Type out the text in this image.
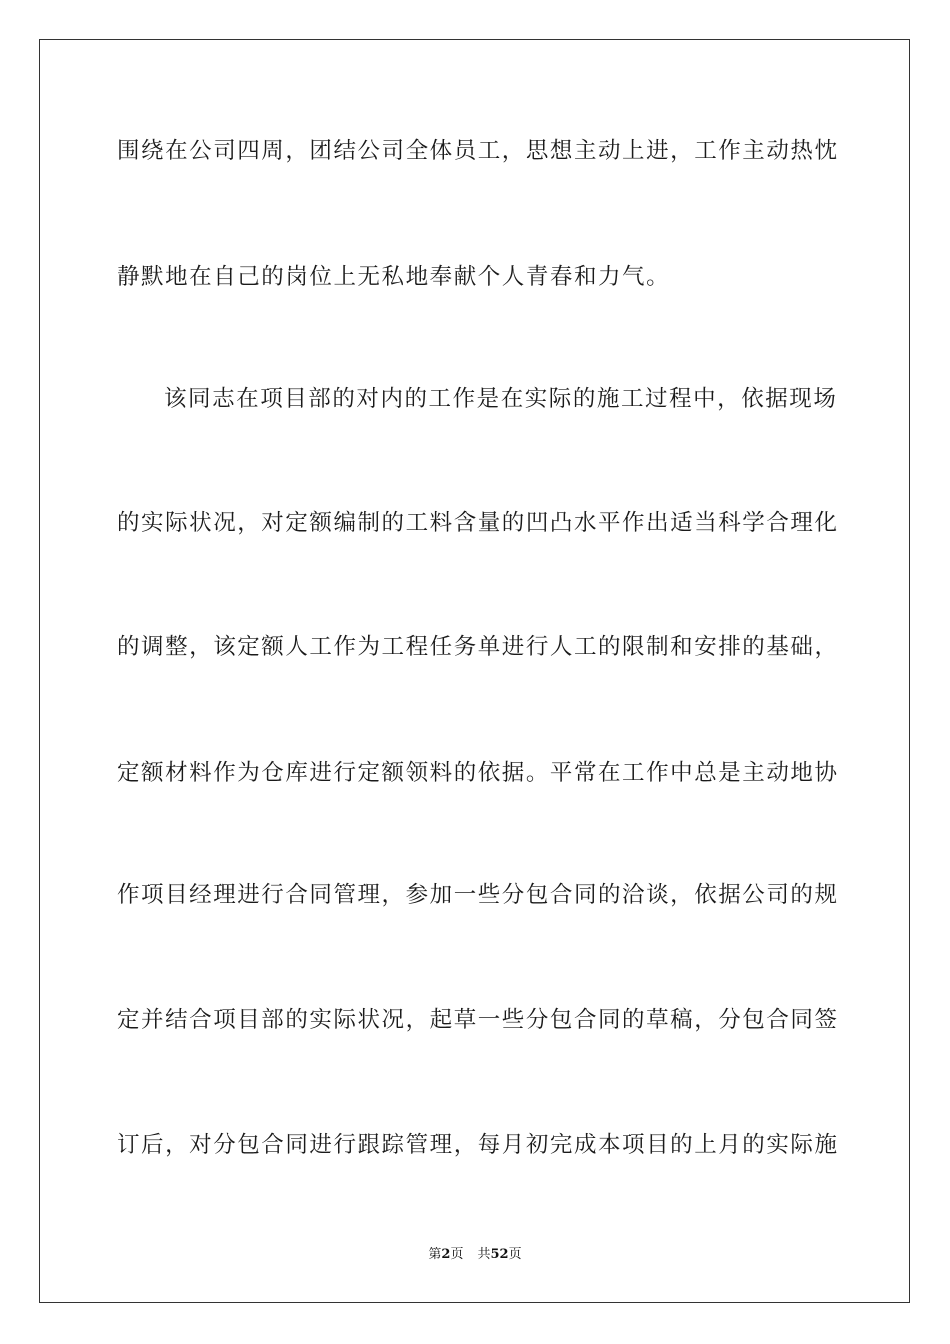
围绕在公司四周，团结公司全体员工，思想主动上进，工作主动热忱
静默地在自己的岗位上无私地奉献个人青春和力气。
该同志在项目部的对内的工作是在实际的施工过程中，依据现场
的实际状况，对定额编制的工料含量的凹凸水平作出适当科学合理化
的调整，该定额人工作为工程任务单进行人工的限制和安排的基础，
定额材料作为仓库进行定额领料的依据。平常在工作中总是主动地协
作项目经理进行合同管理，参加一些分包合同的洽谈，依据公司的规
定并结合项目部的实际状况，起草一些分包合同的草稿，分包合同签
订后，对分包合同进行跟踪管理，每月初完成本项目的上月的实际施
第2页 共52页
